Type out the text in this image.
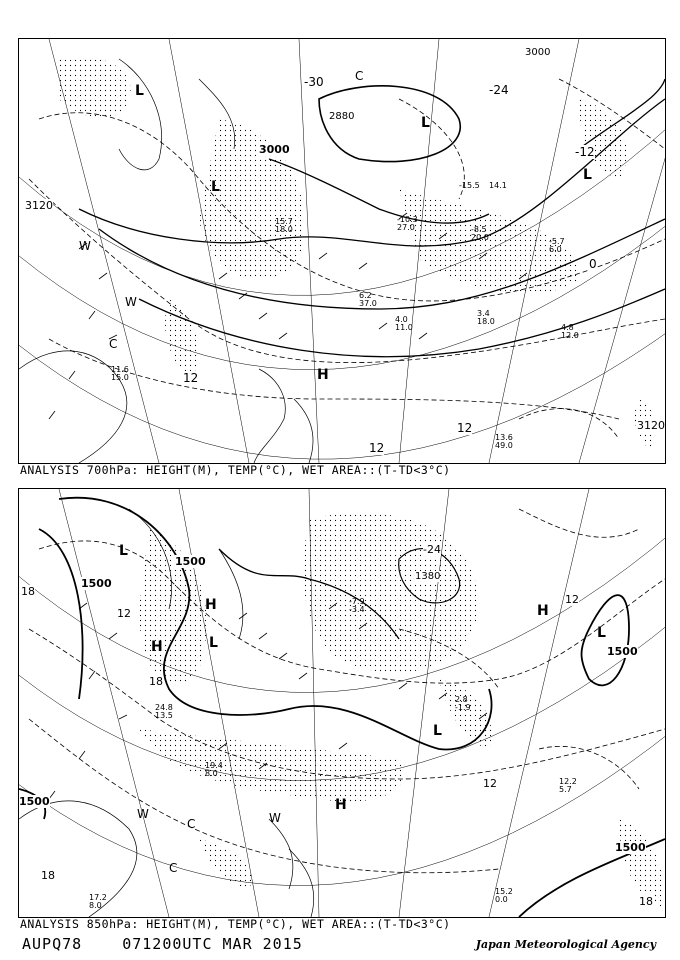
3000
3120
3120
2880
3000
-30
-24
-12
0
12
12
12
L
L
L
L
H
W
W
C
C
15.7
18.0
4.0
11.0
13.6
49.0
4.8
12.0
3.4
18.0
6.2
37.0
11.6
15.0
-15.5 14.1
-5.7
6.0
-8.5
20.0
-10.3
27.0
ANALYSIS 700hPa: HEIGHT(M), TEMP(°C), WET AREA::(T-TD<3°C)
1500
1500
1500
1500
1380
1500
18
18
18
12
12
12
-24
18
L
L
L
L
H
H
H
H
W	W
C
C
12.2
5.7
15.2
0.0
17.2
8.0
19.4
8.0
24.8
13.5
2.8
-1.9
-7.9
-3.4
ANALYSIS 850hPa: HEIGHT(M), TEMP(°C), WET AREA::(T-TD<3°C)
AUPQ78	071200UTC MAR 2015	Japan Meteorological Agency
